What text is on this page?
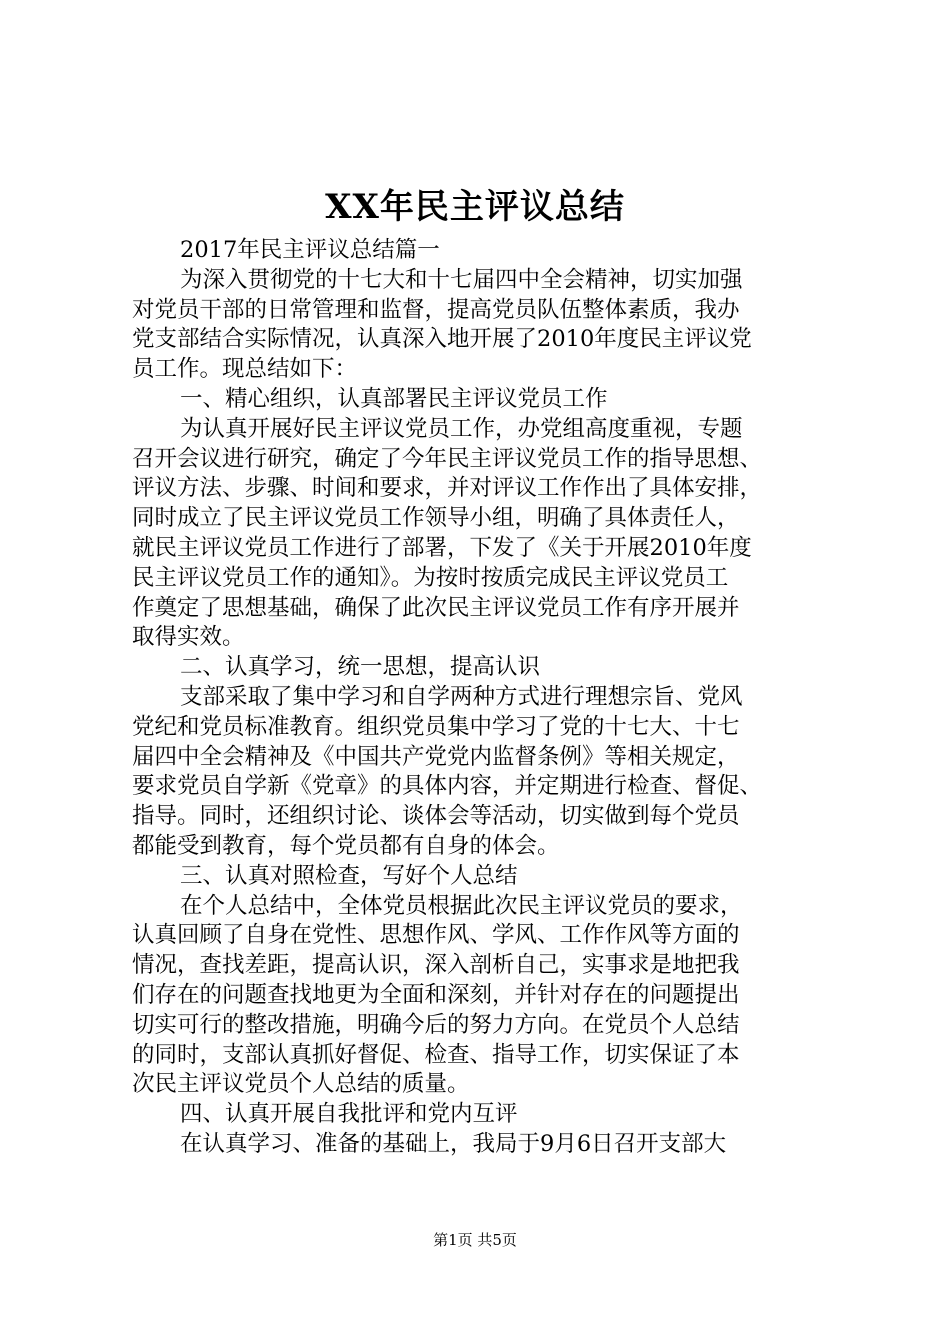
XX年民主评议总结
2017年民主评议总结篇一
为深入贯彻党的十七大和十七届四中全会精神，切实加强
对党员干部的日常管理和监督，提高党员队伍整体素质，我办
党支部结合实际情况，认真深入地开展了2010年度民主评议党
员工作。现总结如下：
一、精心组织，认真部署民主评议党员工作
为认真开展好民主评议党员工作，办党组高度重视，专题
召开会议进行研究，确定了今年民主评议党员工作的指导思想、
评议方法、步骤、时间和要求，并对评议工作作出了具体安排，
同时成立了民主评议党员工作领导小组，明确了具体责任人，
就民主评议党员工作进行了部署，下发了《关于开展2010年度
民主评议党员工作的通知》。为按时按质完成民主评议党员工
作奠定了思想基础，确保了此次民主评议党员工作有序开展并
取得实效。
二、认真学习，统一思想，提高认识
支部采取了集中学习和自学两种方式进行理想宗旨、党风
党纪和党员标准教育。组织党员集中学习了党的十七大、十七
届四中全会精神及《中国共产党党内监督条例》等相关规定，
要求党员自学新《党章》的具体内容，并定期进行检查、督促、
指导。同时，还组织讨论、谈体会等活动，切实做到每个党员
都能受到教育，每个党员都有自身的体会。
三、认真对照检查，写好个人总结
在个人总结中，全体党员根据此次民主评议党员的要求，
认真回顾了自身在党性、思想作风、学风、工作作风等方面的
情况，查找差距，提高认识，深入剖析自己，实事求是地把我
们存在的问题查找地更为全面和深刻，并针对存在的问题提出
切实可行的整改措施，明确今后的努力方向。在党员个人总结
的同时，支部认真抓好督促、检查、指导工作，切实保证了本
次民主评议党员个人总结的质量。
四、认真开展自我批评和党内互评
在认真学习、准备的基础上，我局于9月6日召开支部大
第1页 共5页
